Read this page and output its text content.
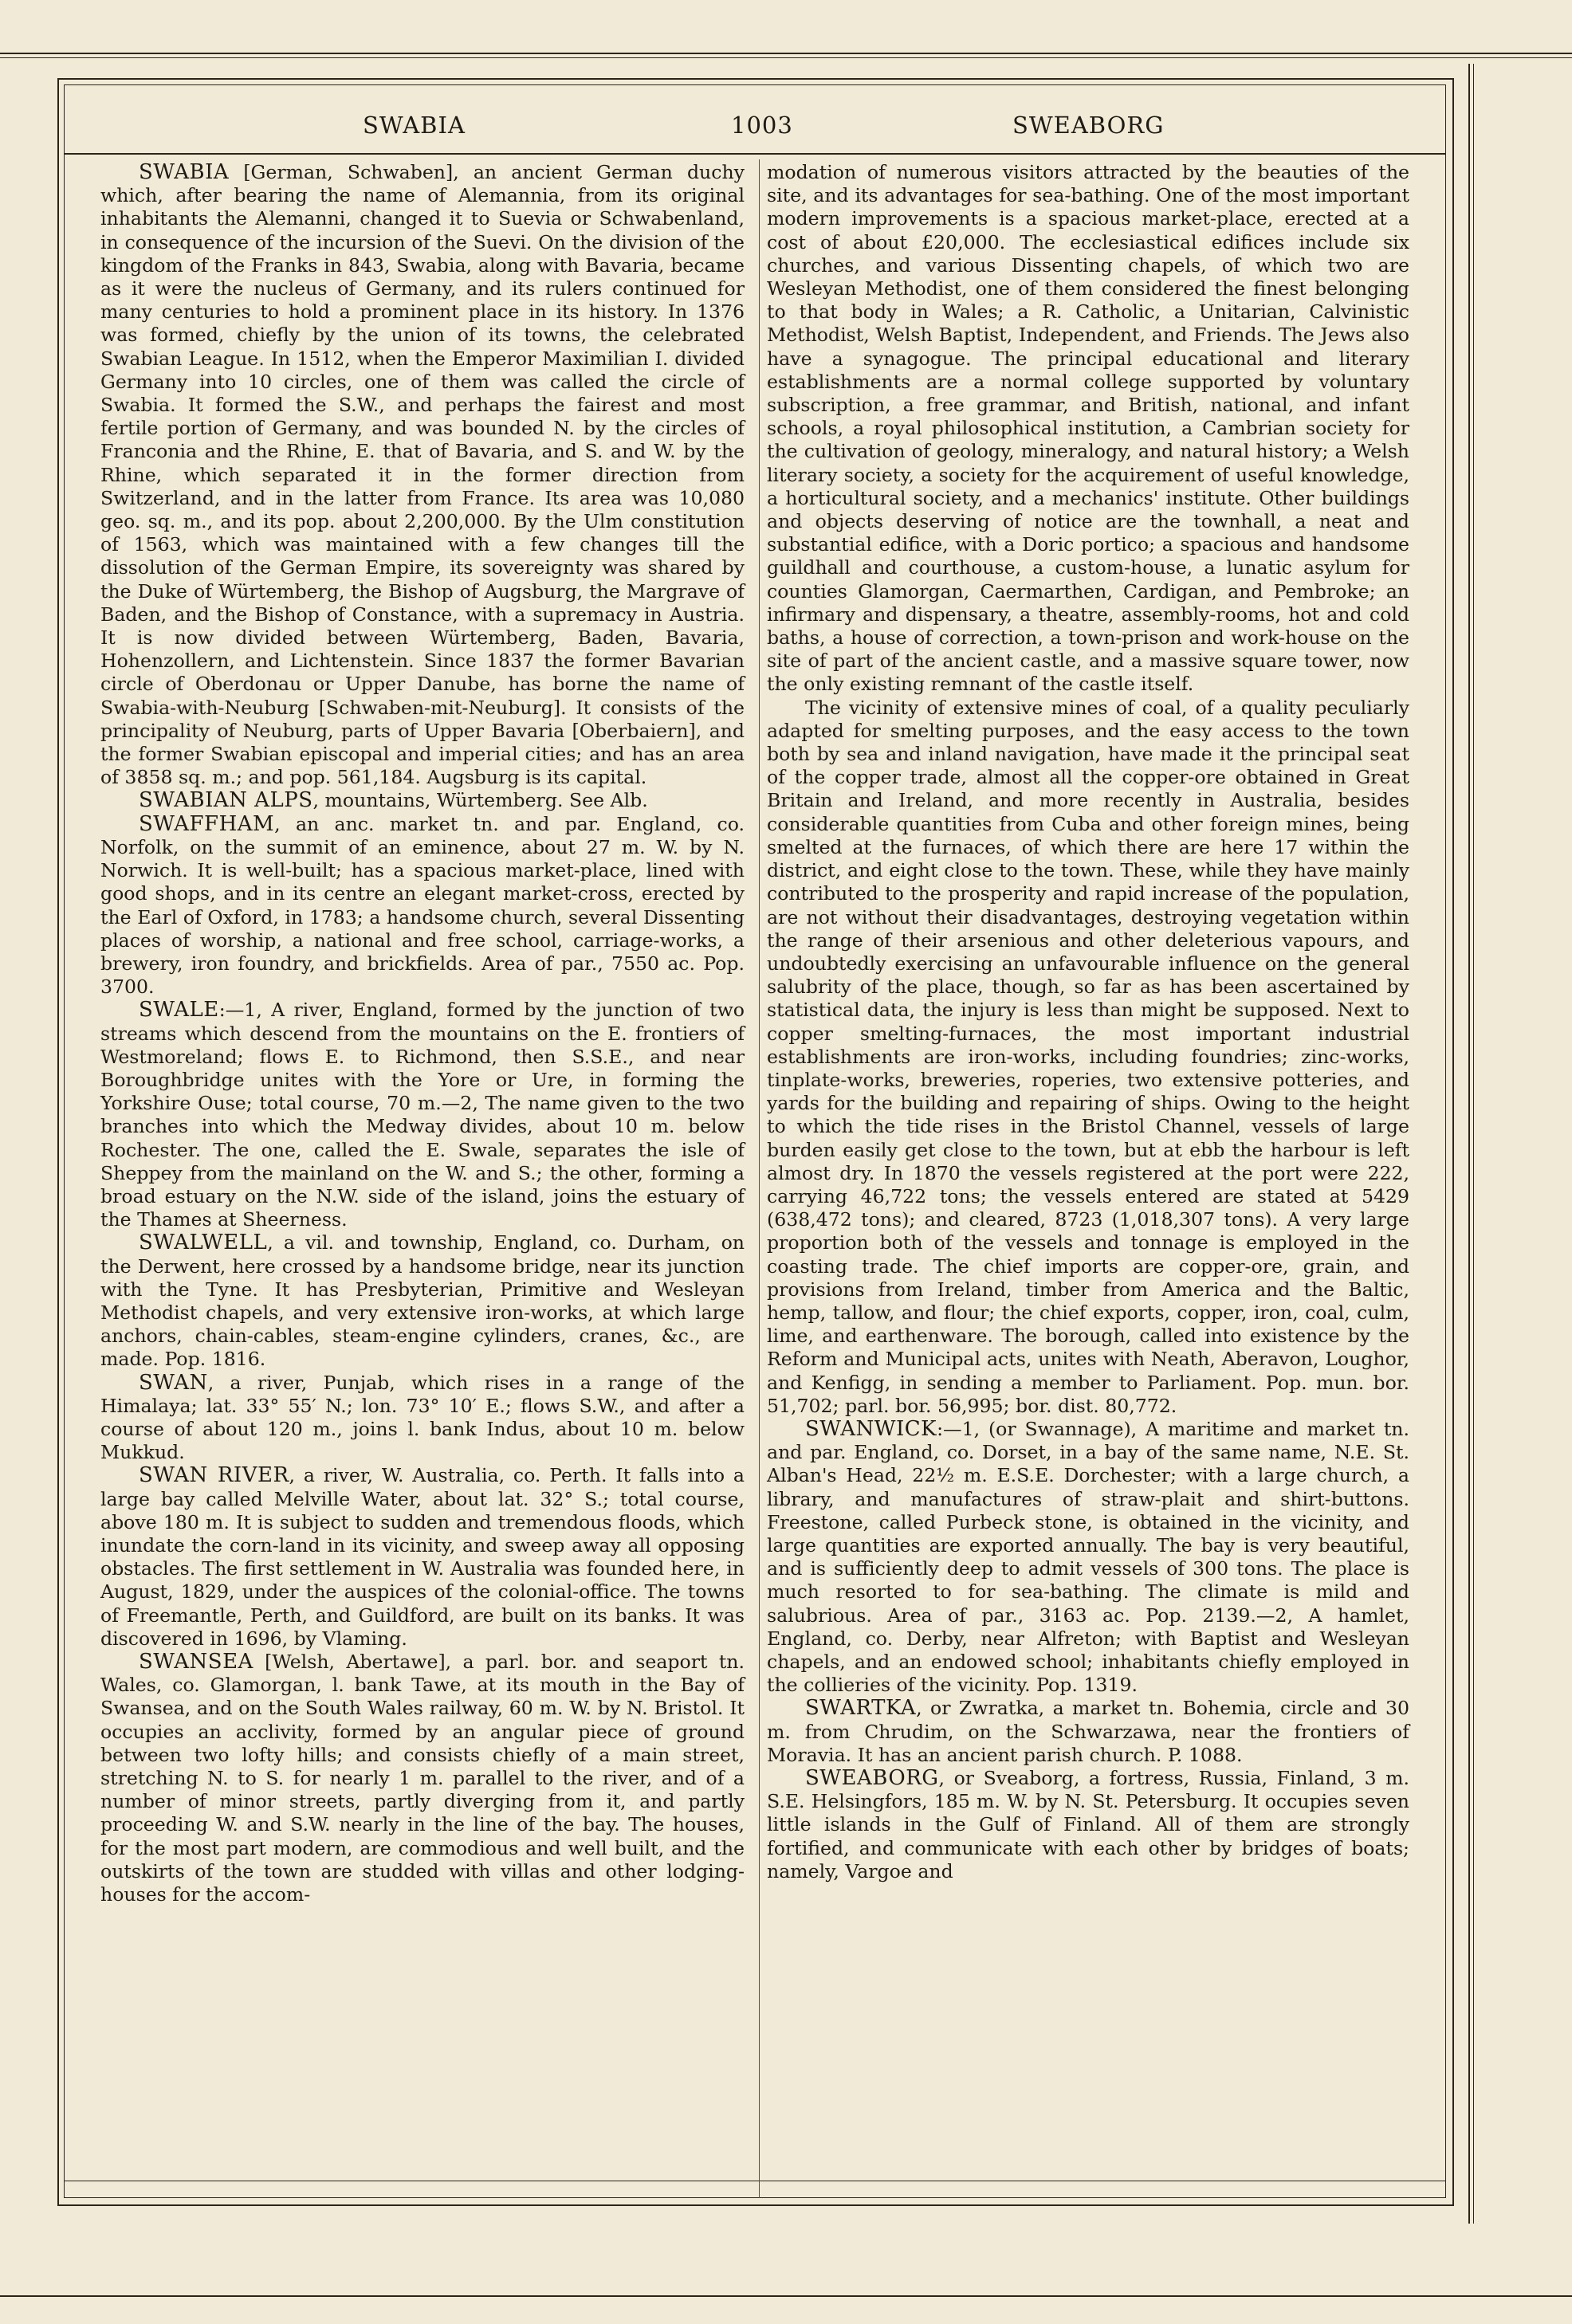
SWABIA	1003	SWEABORG

SWABIA [German, Schwaben], an ancient German duchy which, after bearing the name of Alemannia, from its original inhabitants the Alemanni, changed it to Suevia or Schwabenland, in consequence of the incursion of the Suevi. On the division of the kingdom of the Franks in 843, Swabia, along with Bavaria, became as it were the nucleus of Germany, and its rulers continued for many centuries to hold a prominent place in its history. In 1376 was formed, chiefly by the union of its towns, the celebrated Swabian League. In 1512, when the Emperor Maximilian I. divided Germany into 10 circles, one of them was called the circle of Swabia. It formed the S.W., and perhaps the fairest and most fertile portion of Germany, and was bounded N. by the circles of Franconia and the Rhine, E. that of Bavaria, and S. and W. by the Rhine, which separated it in the former direction from Switzerland, and in the latter from France. Its area was 10,080 geo. sq. m., and its pop. about 2,200,000. By the Ulm constitution of 1563, which was maintained with a few changes till the dissolution of the German Empire, its sovereignty was shared by the Duke of Würtemberg, the Bishop of Augsburg, the Margrave of Baden, and the Bishop of Constance, with a supremacy in Austria. It is now divided between Würtemberg, Baden, Bavaria, Hohenzollern, and Lichtenstein. Since 1837 the former Bavarian circle of Oberdonau or Upper Danube, has borne the name of Swabia-with-Neuburg [Schwaben-mit-Neuburg]. It consists of the principality of Neuburg, parts of Upper Bavaria [Oberbaiern], and the former Swabian episcopal and imperial cities; and has an area of 3858 sq. m.; and pop. 561,184. Augsburg is its capital.

SWABIAN ALPS, mountains, Würtemberg. See Alb.

SWAFFHAM, an anc. market tn. and par. England, co. Norfolk, on the summit of an eminence, about 27 m. W. by N. Norwich. It is well-built; has a spacious market-place, lined with good shops, and in its centre an elegant market-cross, erected by the Earl of Oxford, in 1783; a handsome church, several Dissenting places of worship, a national and free school, carriage-works, a brewery, iron foundry, and brickfields. Area of par., 7550 ac. Pop. 3700.

SWALE:—1, A river, England, formed by the junction of two streams which descend from the mountains on the E. frontiers of Westmoreland; flows E. to Richmond, then S.S.E., and near Boroughbridge unites with the Yore or Ure, in forming the Yorkshire Ouse; total course, 70 m.—2, The name given to the two branches into which the Medway divides, about 10 m. below Rochester. The one, called the E. Swale, separates the isle of Sheppey from the mainland on the W. and S.; the other, forming a broad estuary on the N.W. side of the island, joins the estuary of the Thames at Sheerness.

SWALWELL, a vil. and township, England, co. Durham, on the Derwent, here crossed by a handsome bridge, near its junction with the Tyne. It has Presbyterian, Primitive and Wesleyan Methodist chapels, and very extensive iron-works, at which large anchors, chain-cables, steam-engine cylinders, cranes, &c., are made. Pop. 1816.

SWAN, a river, Punjab, which rises in a range of the Himalaya; lat. 33° 55′ N.; lon. 73° 10′ E.; flows S.W., and after a course of about 120 m., joins l. bank Indus, about 10 m. below Mukkud.

SWAN RIVER, a river, W. Australia, co. Perth. It falls into a large bay called Melville Water, about lat. 32° S.; total course, above 180 m. It is subject to sudden and tremendous floods, which inundate the corn-land in its vicinity, and sweep away all opposing obstacles. The first settlement in W. Australia was founded here, in August, 1829, under the auspices of the colonial-office. The towns of Freemantle, Perth, and Guildford, are built on its banks. It was discovered in 1696, by Vlaming.

SWANSEA [Welsh, Abertawe], a parl. bor. and seaport tn. Wales, co. Glamorgan, l. bank Tawe, at its mouth in the Bay of Swansea, and on the South Wales railway, 60 m. W. by N. Bristol. It occupies an acclivity, formed by an angular piece of ground between two lofty hills; and consists chiefly of a main street, stretching N. to S. for nearly 1 m. parallel to the river, and of a number of minor streets, partly diverging from it, and partly proceeding W. and S.W. nearly in the line of the bay. The houses, for the most part modern, are commodious and well built, and the outskirts of the town are studded with villas and other lodging-houses for the accom-

modation of numerous visitors attracted by the beauties of the site, and its advantages for sea-bathing. One of the most important modern improvements is a spacious market-place, erected at a cost of about £20,000. The ecclesiastical edifices include six churches, and various Dissenting chapels, of which two are Wesleyan Methodist, one of them considered the finest belonging to that body in Wales; a R. Catholic, a Unitarian, Calvinistic Methodist, Welsh Baptist, Independent, and Friends. The Jews also have a synagogue. The principal educational and literary establishments are a normal college supported by voluntary subscription, a free grammar, and British, national, and infant schools, a royal philosophical institution, a Cambrian society for the cultivation of geology, mineralogy, and natural history; a Welsh literary society, a society for the acquirement of useful knowledge, a horticultural society, and a mechanics' institute. Other buildings and objects deserving of notice are the townhall, a neat and substantial edifice, with a Doric portico; a spacious and handsome guildhall and courthouse, a custom-house, a lunatic asylum for counties Glamorgan, Caermarthen, Cardigan, and Pembroke; an infirmary and dispensary, a theatre, assembly-rooms, hot and cold baths, a house of correction, a town-prison and work-house on the site of part of the ancient castle, and a massive square tower, now the only existing remnant of the castle itself.

The vicinity of extensive mines of coal, of a quality peculiarly adapted for smelting purposes, and the easy access to the town both by sea and inland navigation, have made it the principal seat of the copper trade, almost all the copper-ore obtained in Great Britain and Ireland, and more recently in Australia, besides considerable quantities from Cuba and other foreign mines, being smelted at the furnaces, of which there are here 17 within the district, and eight close to the town. These, while they have mainly contributed to the prosperity and rapid increase of the population, are not without their disadvantages, destroying vegetation within the range of their arsenious and other deleterious vapours, and undoubtedly exercising an unfavourable influence on the general salubrity of the place, though, so far as has been ascertained by statistical data, the injury is less than might be supposed. Next to copper smelting-furnaces, the most important industrial establishments are iron-works, including foundries; zinc-works, tinplate-works, breweries, roperies, two extensive potteries, and yards for the building and repairing of ships. Owing to the height to which the tide rises in the Bristol Channel, vessels of large burden easily get close to the town, but at ebb the harbour is left almost dry. In 1870 the vessels registered at the port were 222, carrying 46,722 tons; the vessels entered are stated at 5429 (638,472 tons); and cleared, 8723 (1,018,307 tons). A very large proportion both of the vessels and tonnage is employed in the coasting trade. The chief imports are copper-ore, grain, and provisions from Ireland, timber from America and the Baltic, hemp, tallow, and flour; the chief exports, copper, iron, coal, culm, lime, and earthenware. The borough, called into existence by the Reform and Municipal acts, unites with Neath, Aberavon, Loughor, and Kenfigg, in sending a member to Parliament. Pop. mun. bor. 51,702; parl. bor. 56,995; bor. dist. 80,772.

SWANWICK:—1, (or Swannage), A maritime and market tn. and par. England, co. Dorset, in a bay of the same name, N.E. St. Alban's Head, 22½ m. E.S.E. Dorchester; with a large church, a library, and manufactures of straw-plait and shirt-buttons. Freestone, called Purbeck stone, is obtained in the vicinity, and large quantities are exported annually. The bay is very beautiful, and is sufficiently deep to admit vessels of 300 tons. The place is much resorted to for sea-bathing. The climate is mild and salubrious. Area of par., 3163 ac. Pop. 2139.—2, A hamlet, England, co. Derby, near Alfreton; with Baptist and Wesleyan chapels, and an endowed school; inhabitants chiefly employed in the collieries of the vicinity. Pop. 1319.

SWARTKA, or Zwratka, a market tn. Bohemia, circle and 30 m. from Chrudim, on the Schwarzawa, near the frontiers of Moravia. It has an ancient parish church. P. 1088.

SWEABORG, or Sveaborg, a fortress, Russia, Finland, 3 m. S.E. Helsingfors, 185 m. W. by N. St. Petersburg. It occupies seven little islands in the Gulf of Finland. All of them are strongly fortified, and communicate with each other by bridges of boats; namely, Vargoe and
